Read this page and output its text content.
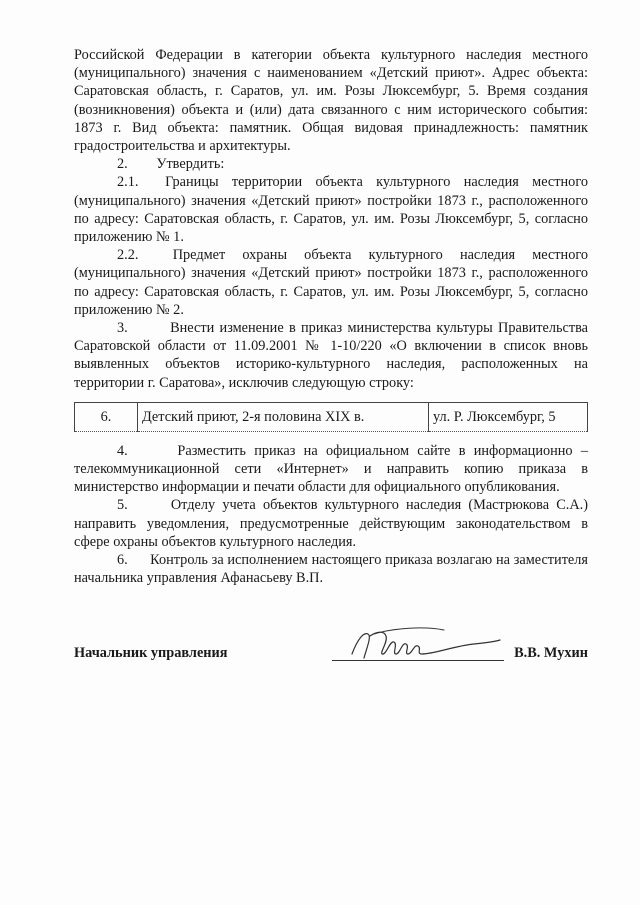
Российской Федерации в категории объекта культурного наследия местного (муниципального) значения с наименованием «Детский приют». Адрес объекта: Саратовская область, г. Саратов, ул. им. Розы Люксембург, 5. Время создания (возникновения) объекта и (или) дата связанного с ним исторического события: 1873 г. Вид объекта: памятник. Общая видовая принадлежность: памятник градостроительства и архитектуры.

2.        Утвердить:

2.1.  Границы территории объекта культурного наследия местного (муниципального) значения «Детский приют» постройки 1873 г., расположенного по адресу: Саратовская область, г. Саратов, ул. им. Розы Люксембург, 5, согласно приложению № 1.

2.2.  Предмет охраны объекта культурного наследия местного (муниципального) значения «Детский приют» постройки 1873 г., расположенного по адресу: Саратовская область, г. Саратов, ул. им. Розы Люксембург, 5, согласно приложению № 2.

3.        Внести изменение в приказ министерства культуры Правительства Саратовской области от 11.09.2001 № 1-10/220 «О включении в список вновь выявленных объектов историко-культурного наследия, расположенных на территории г. Саратова», исключив следующую строку:

6.	Детский приют, 2-я половина XIX в.	ул. Р. Люксембург, 5

4.      Разместить приказ на официальном сайте в информационно – телекоммуникационной сети «Интернет» и направить копию приказа в министерство информации и печати области для официального опубликования.

5.      Отделу учета объектов культурного наследия (Мастрюкова С.А.) направить уведомления, предусмотренные действующим законодательством в сфере охраны объектов культурного наследия.

6.      Контроль за исполнением настоящего приказа возлагаю на заместителя начальника управления Афанасьеву В.П.

Начальник управления	В.В. Мухин
